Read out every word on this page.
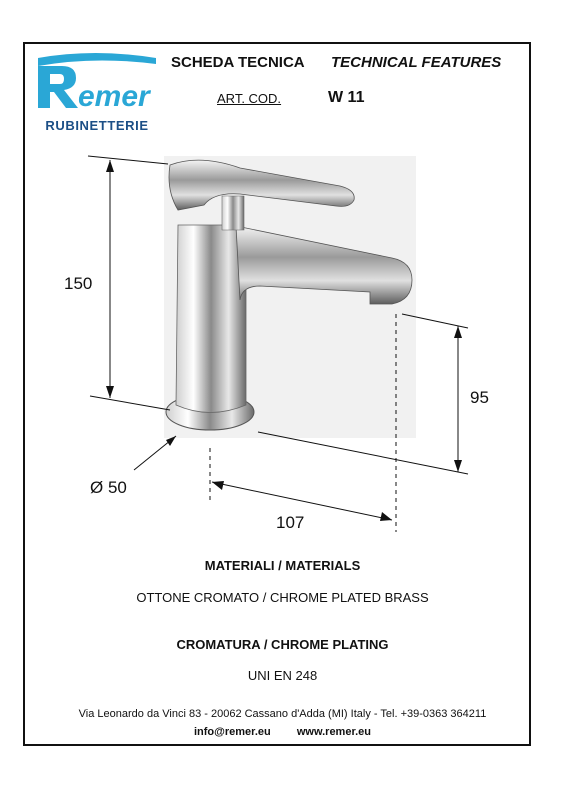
emer
RUBINETTERIE
SCHEDA TECNICA TECHNICAL FEATURES
ART. COD.	W 11
150
95
Ø 50
107
MATERIALI / MATERIALS
OTTONE CROMATO / CHROME PLATED BRASS
CROMATURA / CHROME PLATING
UNI EN 248
Via Leonardo da Vinci 83 - 20062 Cassano d'Adda (MI) Italy - Tel. +39-0363 364211
info@remer.eu www.remer.eu
